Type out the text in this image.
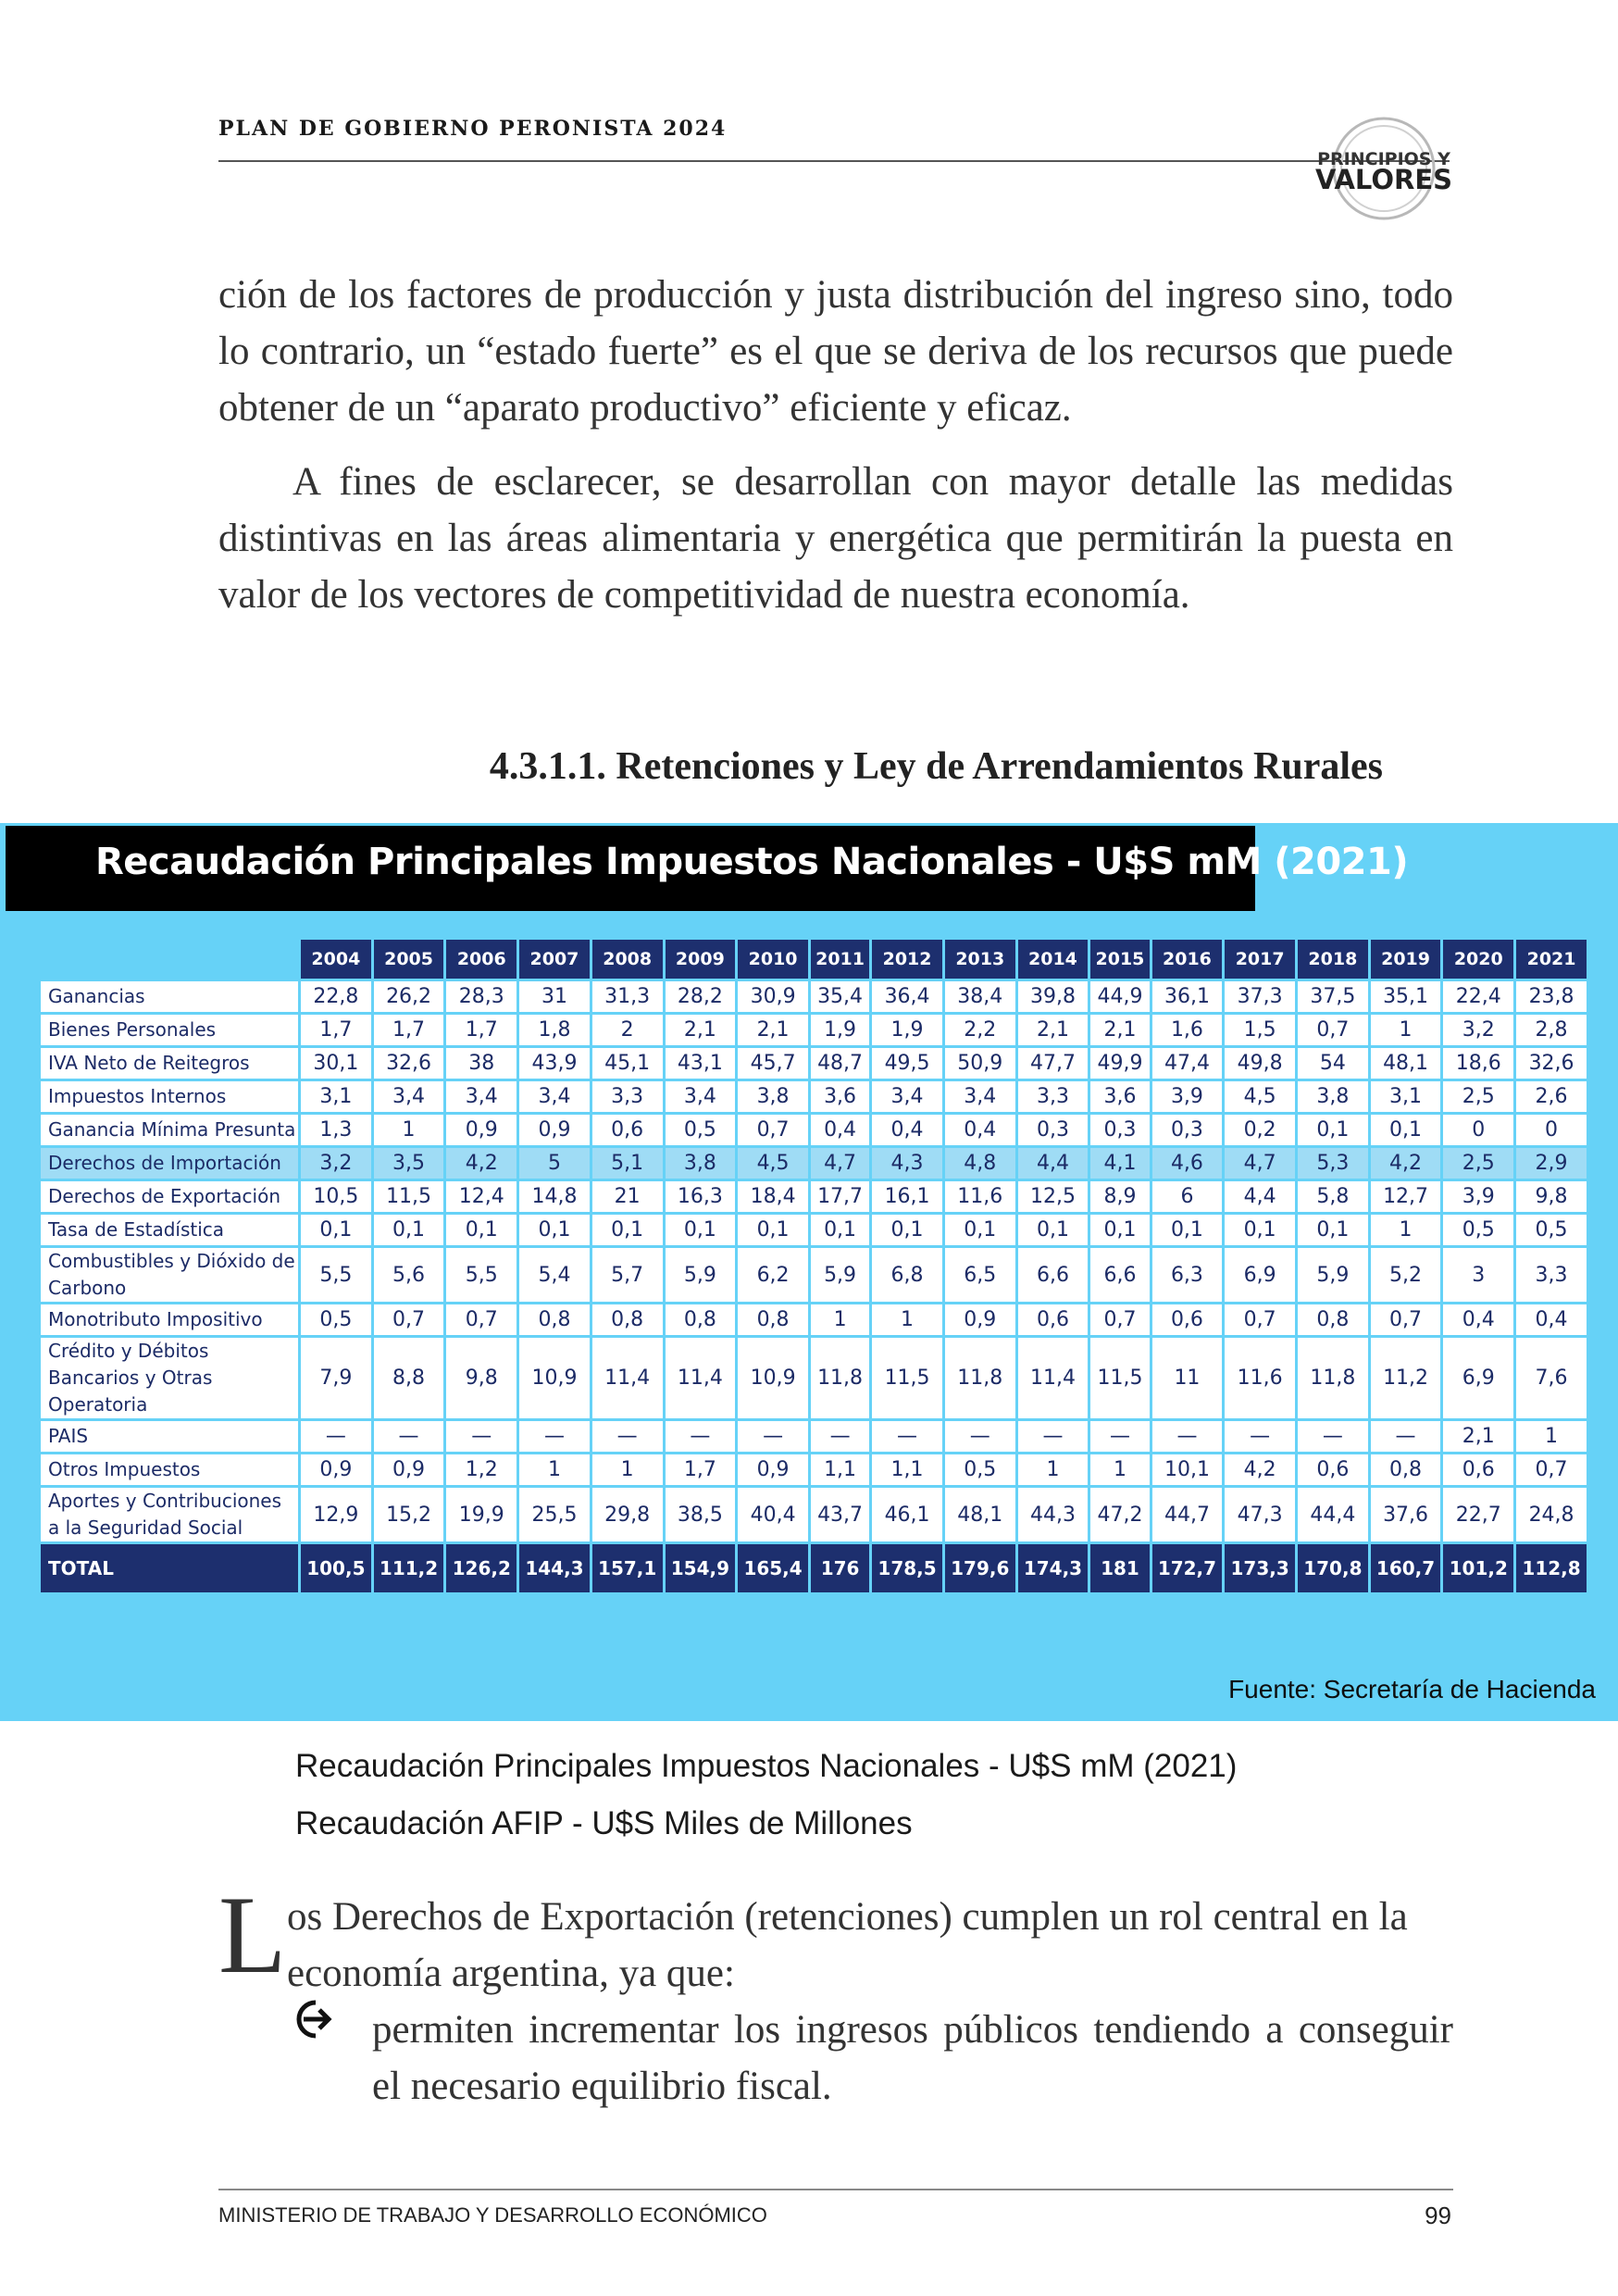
PLAN DE GOBIERNO PERONISTA 2024
PRINCIPIOS Y
VALORES

ción de los factores de producción y justa distribución del ingreso sino, todo lo contrario, un “estado fuerte” es el que se deriva de los recursos que puede obtener de un “aparato productivo” eficiente y eficaz.

A fines de esclarecer, se desarrollan con mayor detalle las medidas distintivas en las áreas alimentaria y energética que permitirán la puesta en valor de los vectores de competitividad de nuestra economía.

4.3.1.1. Retenciones y Ley de Arrendamientos Rurales
Recaudación Principales Impuestos Nacionales - U$S mM (2021)
	2004	2005	2006	2007	2008	2009	2010	2011	2012	2013	2014	2015	2016	2017	2018	2019	2020	2021
Ganancias	22,8	26,2	28,3	31	31,3	28,2	30,9	35,4	36,4	38,4	39,8	44,9	36,1	37,3	37,5	35,1	22,4	23,8
Bienes Personales	1,7	1,7	1,7	1,8	2	2,1	2,1	1,9	1,9	2,2	2,1	2,1	1,6	1,5	0,7	1	3,2	2,8
IVA Neto de Reitegros	30,1	32,6	38	43,9	45,1	43,1	45,7	48,7	49,5	50,9	47,7	49,9	47,4	49,8	54	48,1	18,6	32,6
Impuestos Internos	3,1	3,4	3,4	3,4	3,3	3,4	3,8	3,6	3,4	3,4	3,3	3,6	3,9	4,5	3,8	3,1	2,5	2,6
Ganancia Mínima Presunta	1,3	1	0,9	0,9	0,6	0,5	0,7	0,4	0,4	0,4	0,3	0,3	0,3	0,2	0,1	0,1	0	0
Derechos de Importación	3,2	3,5	4,2	5	5,1	3,8	4,5	4,7	4,3	4,8	4,4	4,1	4,6	4,7	5,3	4,2	2,5	2,9
Derechos de Exportación	10,5	11,5	12,4	14,8	21	16,3	18,4	17,7	16,1	11,6	12,5	8,9	6	4,4	5,8	12,7	3,9	9,8
Tasa de Estadística	0,1	0,1	0,1	0,1	0,1	0,1	0,1	0,1	0,1	0,1	0,1	0,1	0,1	0,1	0,1	1	0,5	0,5
Combustibles y Dióxido de Carbono	5,5	5,6	5,5	5,4	5,7	5,9	6,2	5,9	6,8	6,5	6,6	6,6	6,3	6,9	5,9	5,2	3	3,3
Monotributo Impositivo	0,5	0,7	0,7	0,8	0,8	0,8	0,8	1	1	0,9	0,6	0,7	0,6	0,7	0,8	0,7	0,4	0,4
Crédito y Débitos Bancarios y Otras Operatoria	7,9	8,8	9,8	10,9	11,4	11,4	10,9	11,8	11,5	11,8	11,4	11,5	11	11,6	11,8	11,2	6,9	7,6
PAIS	—	—	—	—	—	—	—	—	—	—	—	—	—	—	—	—	2,1	1
Otros Impuestos	0,9	0,9	1,2	1	1	1,7	0,9	1,1	1,1	0,5	1	1	10,1	4,2	0,6	0,8	0,6	0,7
Aportes y Contribuciones a la Seguridad Social	12,9	15,2	19,9	25,5	29,8	38,5	40,4	43,7	46,1	48,1	44,3	47,2	44,7	47,3	44,4	37,6	22,7	24,8
TOTAL	100,5	111,2	126,2	144,3	157,1	154,9	165,4	176	178,5	179,6	174,3	181	172,7	173,3	170,8	160,7	101,2	112,8
Fuente: Secretaría de Hacienda
Recaudación Principales Impuestos Nacionales - U$S mM (2021)
Recaudación AFIP - U$S Miles de Millones
L os Derechos de Exportación (retenciones) cumplen un rol central en la economía argentina, ya que:

permiten incrementar los ingresos públicos tendiendo a conseguir el necesario equilibrio fiscal.

MINISTERIO DE TRABAJO Y DESARROLLO ECONÓMICO	99
